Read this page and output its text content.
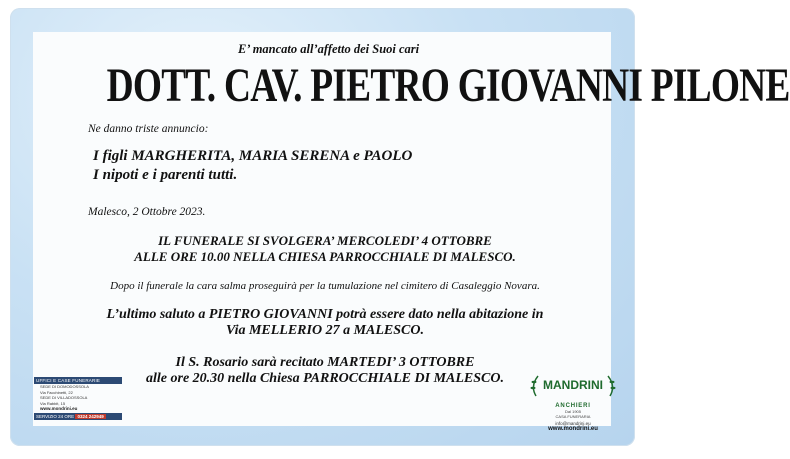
E’ mancato all’affetto dei Suoi cari
DOTT. CAV. PIETRO GIOVANNI PILONE
Ne danno triste annuncio:
I figli MARGHERITA, MARIA SERENA e PAOLO
I nipoti e i parenti tutti.
Malesco, 2 Ottobre 2023.
IL FUNERALE SI SVOLGERA’ MERCOLEDI’ 4 OTTOBRE
ALLE ORE 10.00 NELLA CHIESA PARROCCHIALE DI MALESCO.
Dopo il funerale la cara salma proseguirà per la tumulazione nel cimitero di Casaleggio Novara.
L’ultimo saluto a PIETRO GIOVANNI potrà essere dato nella abitazione in
Via MELLERIO 27 a MALESCO.
Il S. Rosario sarà recitato MARTEDI’ 3 OTTOBRE
alle ore 20.30 nella Chiesa PARROCCHIALE DI MALESCO.
UFFICI E CASE FUNERARIE
SEDE DI DOMODOSSOLA
Via Facchinetti, 22
SEDE DI VILLADOSSOLA
Via Rabbit, 15
www.mondrini.eu
SERVIZIO 24 ORE 0324 242949
MANDRINI
ANCHIERI
Dal 1905
CASA FUNERARIA
info@mandrini.eu
www.mondrini.eu
